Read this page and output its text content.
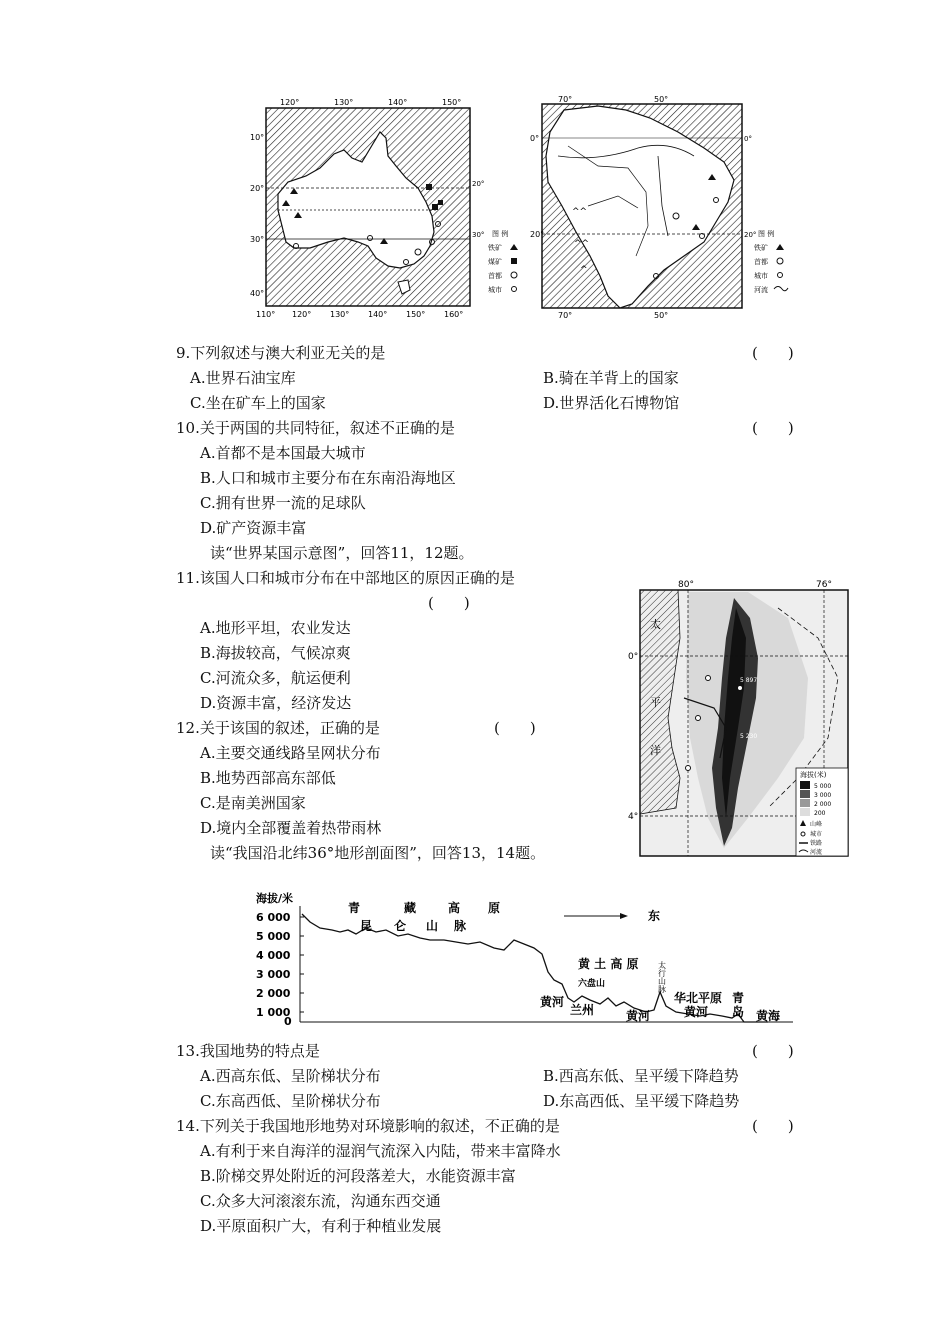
120°	130°	140°	150°
110° 120° 130° 140° 150° 160°
10°
20°
30°
40°
20°
30° 图 例
铁矿
煤矿
首都
城市
^^
^^
^
70°	50°
70°	50°
0°
20°
0°
20° 图 例
铁矿
首都
城市
河流
9.下列叙述与澳大利亚无关的是	(　　)
A.世界石油宝库	B.骑在羊背上的国家
C.坐在矿车上的国家	D.世界活化石博物馆
10.关于两国的共同特征，叙述不正确的是	(　　)
A.首都不是本国最大城市
B.人口和城市主要分布在东南沿海地区
C.拥有世界一流的足球队
D.矿产资源丰富
读“世界某国示意图”，回答11，12题。
11.该国人口和城市分布在中部地区的原因正确的是
(　　)
A.地形平坦，农业发达
B.海拔较高，气候凉爽
C.河流众多，航运便利
D.资源丰富，经济发达
12.关于该国的叙述，正确的是	(　　)
A.主要交通线路呈网状分布
B.地势西部高东部低
C.是南美洲国家
D.境内全部覆盖着热带雨林
读“我国沿北纬36°地形剖面图”，回答13，14题。
80°	76°
0°
4°
太
平
洋
5 897
5 230
海拔(米)
5 000
3 000
2 000
200
山峰
城市
铁路
河流
海拔/米
6 000
5 000
4 000
3 000
2 000
1 000
0
青	藏	高 原
昆 仑 山 脉
东
黄 土 高 原
六盘山
太
行
山
脉
黄河
兰州	黄河
华北平原
黄河
青
岛 黄海
13.我国地势的特点是	(　　)
A.西高东低、呈阶梯状分布	B.西高东低、呈平缓下降趋势
C.东高西低、呈阶梯状分布	D.东高西低、呈平缓下降趋势
14.下列关于我国地形地势对环境影响的叙述，不正确的是	(　　)
A.有利于来自海洋的湿润气流深入内陆，带来丰富降水
B.阶梯交界处附近的河段落差大，水能资源丰富
C.众多大河滚滚东流，沟通东西交通
D.平原面积广大，有利于种植业发展
